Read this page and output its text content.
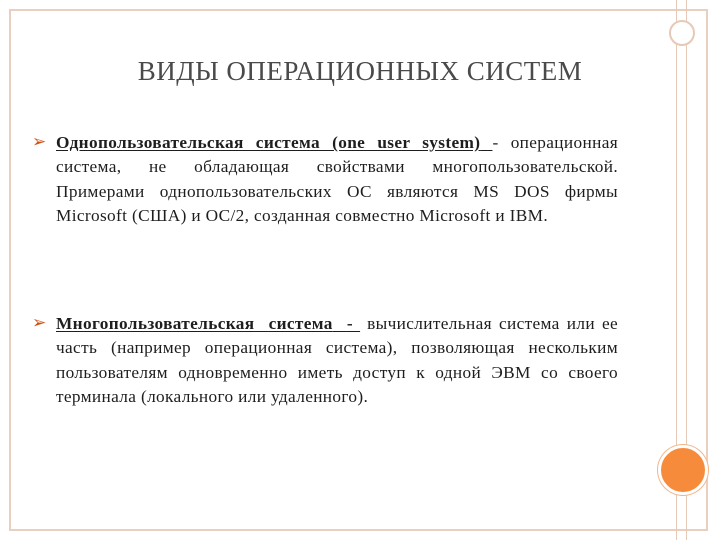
ВИДЫ ОПЕРАЦИОННЫХ СИСТЕМ
➢ Однопользовательская система (one user system) - операционная система, не обладающая свойствами многопользовательской. Примерами однопользовательских ОС являются MS DOS фирмы Microsoft (США) и ОС/2, созданная совместно Microsoft и IBM.
➢ Многопользовательская система - вычислительная система или ее часть (например операционная система), позволяющая нескольким пользователям одновременно иметь доступ к одной ЭВМ со своего терминала (локального или удаленного).
